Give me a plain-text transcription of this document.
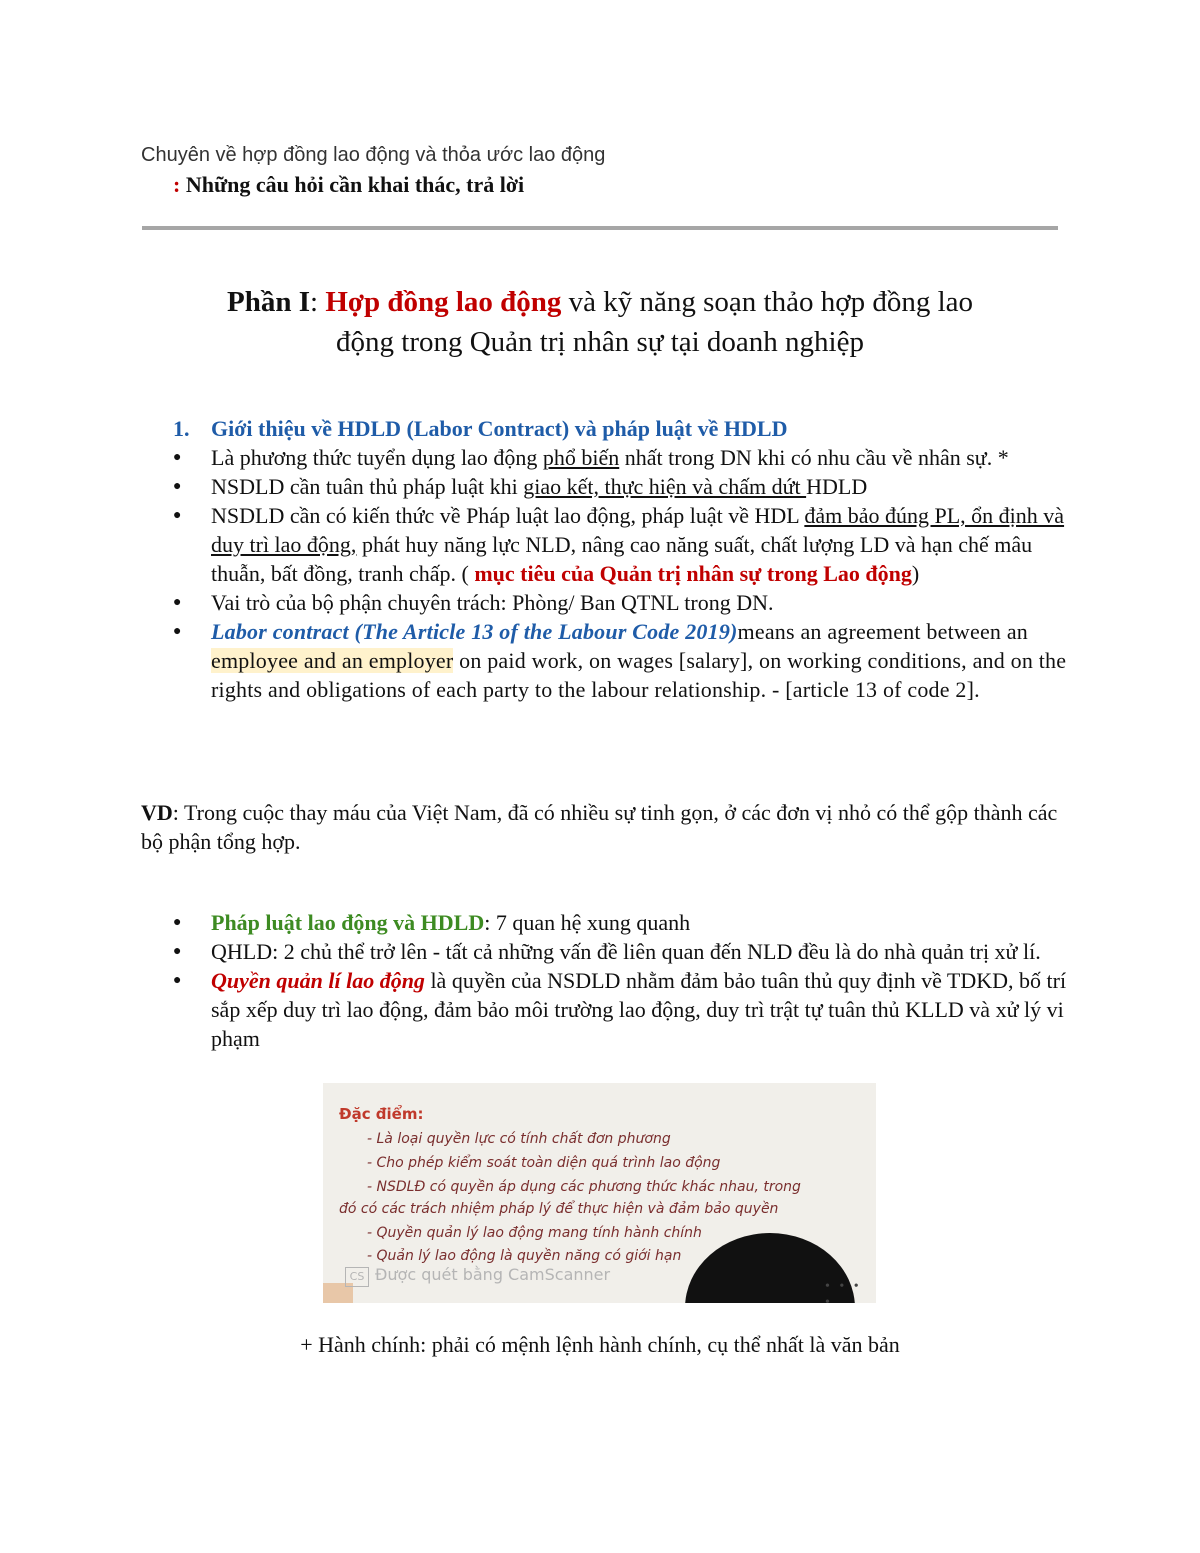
Chuyên về hợp đồng lao động và thỏa ước lao động
: Những câu hỏi cần khai thác, trả lời
Phần I: Hợp đồng lao động và kỹ năng soạn thảo hợp đồng lao
động trong Quản trị nhân sự tại doanh nghiệp
1. Giới thiệu về HDLD (Labor Contract) và pháp luật về HDLD
●	Là phương thức tuyển dụng lao động phổ biến nhất trong DN khi có nhu cầu về nhân sự. *
●	NSDLD cần tuân thủ pháp luật khi giao kết, thực hiện và chấm dứt HDLD
●	NSDLD cần có kiến thức về Pháp luật lao động, pháp luật về HDL đảm bảo đúng PL, ổn định và duy trì lao động, phát huy năng lực NLD, nâng cao năng suất, chất lượng LD và hạn chế mâu thuẫn, bất đồng, tranh chấp. ( mục tiêu của Quản trị nhân sự trong Lao động)
●	Vai trò của bộ phận chuyên trách: Phòng/ Ban QTNL trong DN.
●	Labor contract (The Article 13 of the Labour Code 2019)means an agreement between an employee and an employer on paid work, on wages [salary], on working conditions, and on the rights and obligations of each party to the labour relationship. - [article 13 of code 2].
VD: Trong cuộc thay máu của Việt Nam, đã có nhiều sự tinh gọn, ở các đơn vị nhỏ có thể gộp thành các bộ phận tổng hợp.
●	Pháp luật lao động và HDLD: 7 quan hệ xung quanh
●	QHLD: 2 chủ thể trở lên - tất cả những vấn đề liên quan đến NLD đều là do nhà quản trị xử lí.
●	Quyền quản lí lao động là quyền của NSDLD nhằm đảm bảo tuân thủ quy định về TDKD, bố trí sắp xếp duy trì lao động, đảm bảo môi trường lao động, duy trì trật tự tuân thủ KLLD và xử lý vi phạm
Đặc điểm:
- Là loại quyền lực có tính chất đơn phương
- Cho phép kiểm soát toàn diện quá trình lao động
- NSDLĐ có quyền áp dụng các phương thức khác nhau, trong
đó có các trách nhiệm pháp lý để thực hiện và đảm bảo quyền
- Quyền quản lý lao động mang tính hành chính
- Quản lý lao động là quyền năng có giới hạn
• • • •
CS Được quét bằng CamScanner
+ Hành chính: phải có mệnh lệnh hành chính, cụ thể nhất là văn bản
